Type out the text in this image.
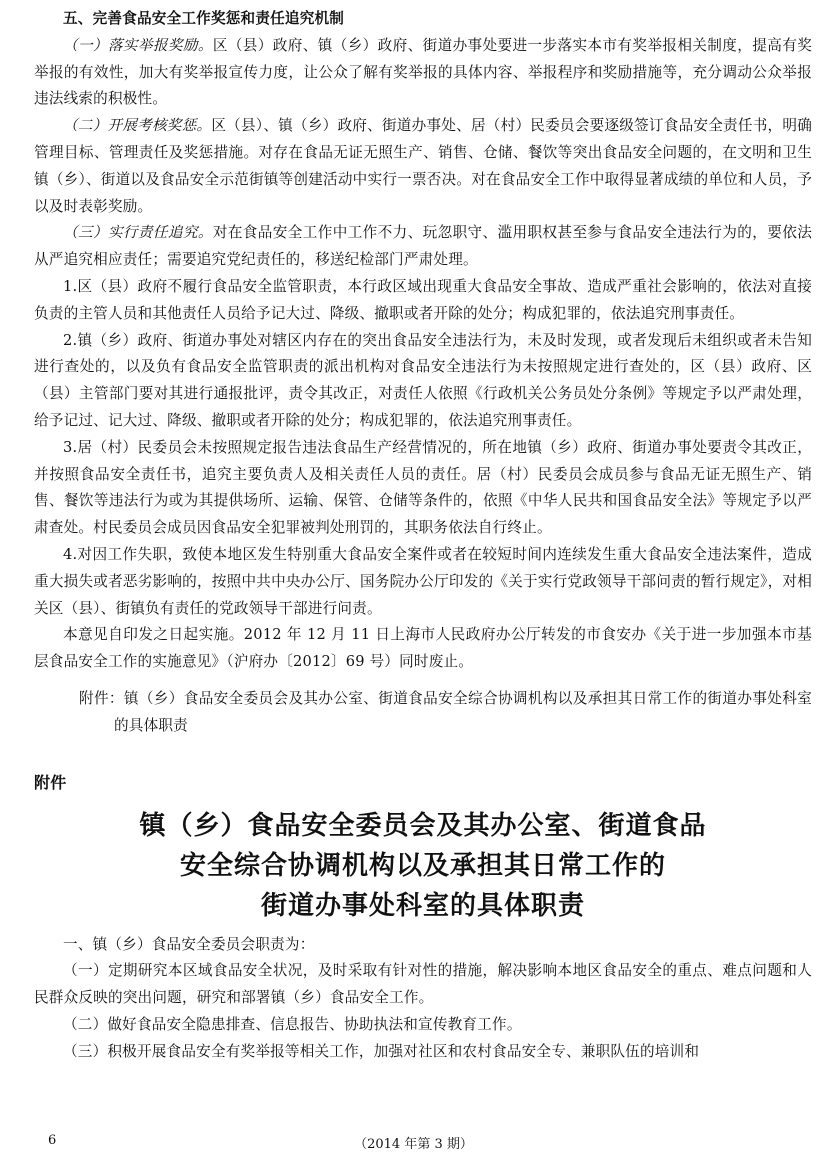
五、完善食品安全工作奖惩和责任追究机制

（一）落实举报奖励。区（县）政府、镇（乡）政府、街道办事处要进一步落实本市有奖举报相关制度，提高有奖举报的有效性，加大有奖举报宣传力度，让公众了解有奖举报的具体内容、举报程序和奖励措施等，充分调动公众举报违法线索的积极性。

（二）开展考核奖惩。区（县）、镇（乡）政府、街道办事处、居（村）民委员会要逐级签订食品安全责任书，明确管理目标、管理责任及奖惩措施。对存在食品无证无照生产、销售、仓储、餐饮等突出食品安全问题的，在文明和卫生镇（乡）、街道以及食品安全示范街镇等创建活动中实行一票否决。对在食品安全工作中取得显著成绩的单位和人员，予以及时表彰奖励。

（三）实行责任追究。对在食品安全工作中工作不力、玩忽职守、滥用职权甚至参与食品安全违法行为的，要依法从严追究相应责任；需要追究党纪责任的，移送纪检部门严肃处理。

1.区（县）政府不履行食品安全监管职责，本行政区域出现重大食品安全事故、造成严重社会影响的，依法对直接负责的主管人员和其他责任人员给予记大过、降级、撤职或者开除的处分；构成犯罪的，依法追究刑事责任。

2.镇（乡）政府、街道办事处对辖区内存在的突出食品安全违法行为，未及时发现，或者发现后未组织或者未告知进行查处的，以及负有食品安全监管职责的派出机构对食品安全违法行为未按照规定进行查处的，区（县）政府、区（县）主管部门要对其进行通报批评，责令其改正，对责任人依照《行政机关公务员处分条例》等规定予以严肃处理，给予记过、记大过、降级、撤职或者开除的处分；构成犯罪的，依法追究刑事责任。

3.居（村）民委员会未按照规定报告违法食品生产经营情况的，所在地镇（乡）政府、街道办事处要责令其改正，并按照食品安全责任书，追究主要负责人及相关责任人员的责任。居（村）民委员会成员参与食品无证无照生产、销售、餐饮等违法行为或为其提供场所、运输、保管、仓储等条件的，依照《中华人民共和国食品安全法》等规定予以严肃查处。村民委员会成员因食品安全犯罪被判处刑罚的，其职务依法自行终止。

4.对因工作失职，致使本地区发生特别重大食品安全案件或者在较短时间内连续发生重大食品安全违法案件，造成重大损失或者恶劣影响的，按照中共中央办公厅、国务院办公厅印发的《关于实行党政领导干部问责的暂行规定》，对相关区（县）、街镇负有责任的党政领导干部进行问责。

本意见自印发之日起实施。2012 年 12 月 11 日上海市人民政府办公厅转发的市食安办《关于进一步加强本市基层食品安全工作的实施意见》（沪府办〔2012〕69 号）同时废止。

附件：镇（乡）食品安全委员会及其办公室、街道食品安全综合协调机构以及承担其日常工作的街道办事处科室的具体职责

附件

镇（乡）食品安全委员会及其办公室、街道食品
安全综合协调机构以及承担其日常工作的
街道办事处科室的具体职责

一、镇（乡）食品安全委员会职责为：

（一）定期研究本区域食品安全状况，及时采取有针对性的措施，解决影响本地区食品安全的重点、难点问题和人民群众反映的突出问题，研究和部署镇（乡）食品安全工作。

（二）做好食品安全隐患排查、信息报告、协助执法和宣传教育工作。

（三）积极开展食品安全有奖举报等相关工作，加强对社区和农村食品安全专、兼职队伍的培训和

6	（2014 年第 3 期）
